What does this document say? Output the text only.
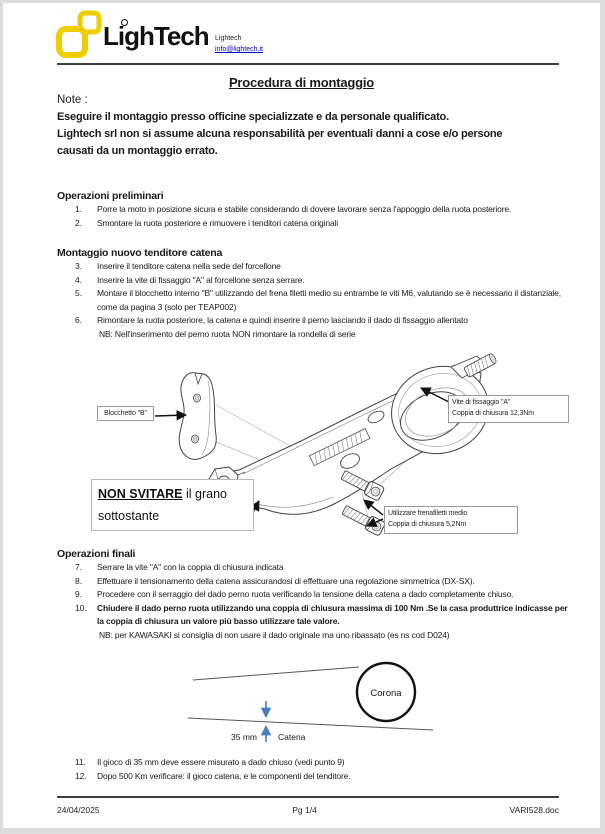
LighTech Lightech
info@lightech.it
Procedura di montaggio
Note :
Eseguire il montaggio presso officine specializzate e da personale qualificato.
Lightech srl non si assume alcuna responsabilità per eventuali danni a cose e/o persone
causati da un montaggio errato.
Operazioni preliminari
1.	Porre la moto in posizione sicura e stabile considerando di dovere lavorare senza l'appoggio della ruota posteriore.
2.	Smontare la ruota posteriore e rimuovere i tenditori catena originali
Montaggio nuovo tenditore catena
3.	Inserire il tenditore catena nella sede del forcellone
4.	Inserire la vite di fissaggio "A" al forcellone senza serrare.
5.	Montare il blocchetto interno "B" utilizzando del frena filetti medio su entrambe le viti M6, valutando se è necessario il distanziale, come da pagina 3 (solo per TEAP002)
6.	Rimontare la ruota posteriore, la catena e quindi inserire il perno lasciando il dado di fissaggio allentato
NB: Nell'inserimento del perno ruota NON rimontare la rondella di serie
Blocchetto "B"
Vite di fissaggio "A"
Coppia di chiusura 12,3Nm
NON SVITARE il grano
sottostante	Utilizzare frenafiletti medio
Coppia di chiusura 5,2Nm
Operazioni finali
7.	Serrare la vite "A" con la coppia di chiusura indicata
8.	Effettuare il tensionamento della catena assicurandosi di effettuare una regolazione simmetrica (DX-SX).
9.	Procedere con il serraggio del dado perno ruota verificando la tensione della catena a dado completamente chiuso.
10.	Chiudere il dado perno ruota utilizzando una coppia di chiusura massima di 100 Nm .Se la casa produttrice indicasse per la coppia di chiusura un valore più basso utilizzare tale valore.
NB: per KAWASAKI si consiglia di non usare il dado originale ma uno ribassato (es ns cod D024)
Corona
35 mm Catena
11.	Il gioco di 35 mm deve essere misurato a dado chiuso (vedi punto 9)
12.	Dopo 500 Km verificare: il gioco catena, e le componenti del tenditore.
24/04/2025	Pg 1/4	VARI528.doc
